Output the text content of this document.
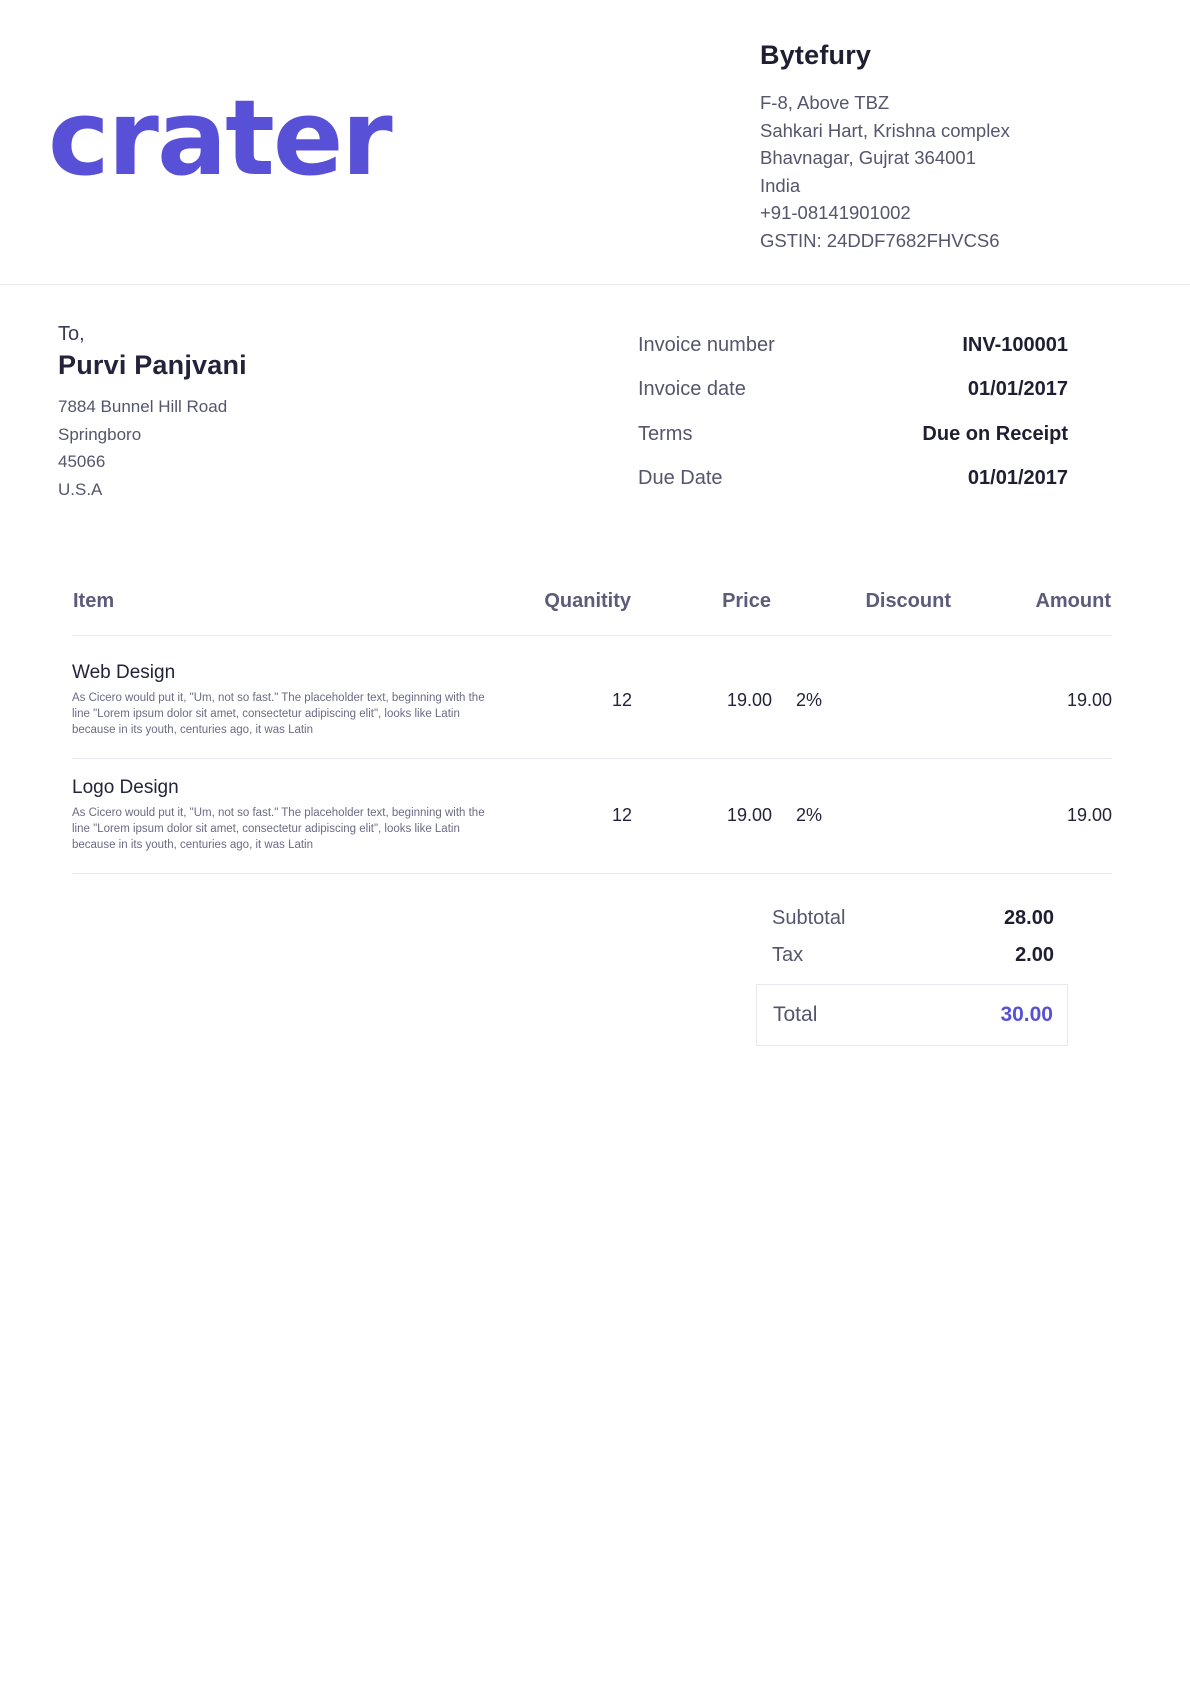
crater
Bytefury
F-8, Above TBZ
Sahkari Hart, Krishna complex
Bhavnagar, Gujrat 364001
India
+91-08141901002
GSTIN: 24DDF7682FHVCS6
To,
Purvi Panjvani
7884 Bunnel Hill Road
Springboro
45066
U.S.A
Invoice number	INV-100001
Invoice date	01/01/2017
Terms	Due on Receipt
Due Date	01/01/2017
Item	Quanitity	Price	Discount	Amount

Web Design
As Cicero would put it, "Um, not so fast." The placeholder text, beginning with the line "Lorem ipsum dolor sit amet, consectetur adipiscing elit", looks like Latin because in its youth, centuries ago, it was Latin	12	19.00	2%	19.00

Logo Design
As Cicero would put it, "Um, not so fast." The placeholder text, beginning with the line "Lorem ipsum dolor sit amet, consectetur adipiscing elit", looks like Latin because in its youth, centuries ago, it was Latin	12	19.00	2%	19.00
Subtotal	28.00
Tax	2.00
Total	30.00
